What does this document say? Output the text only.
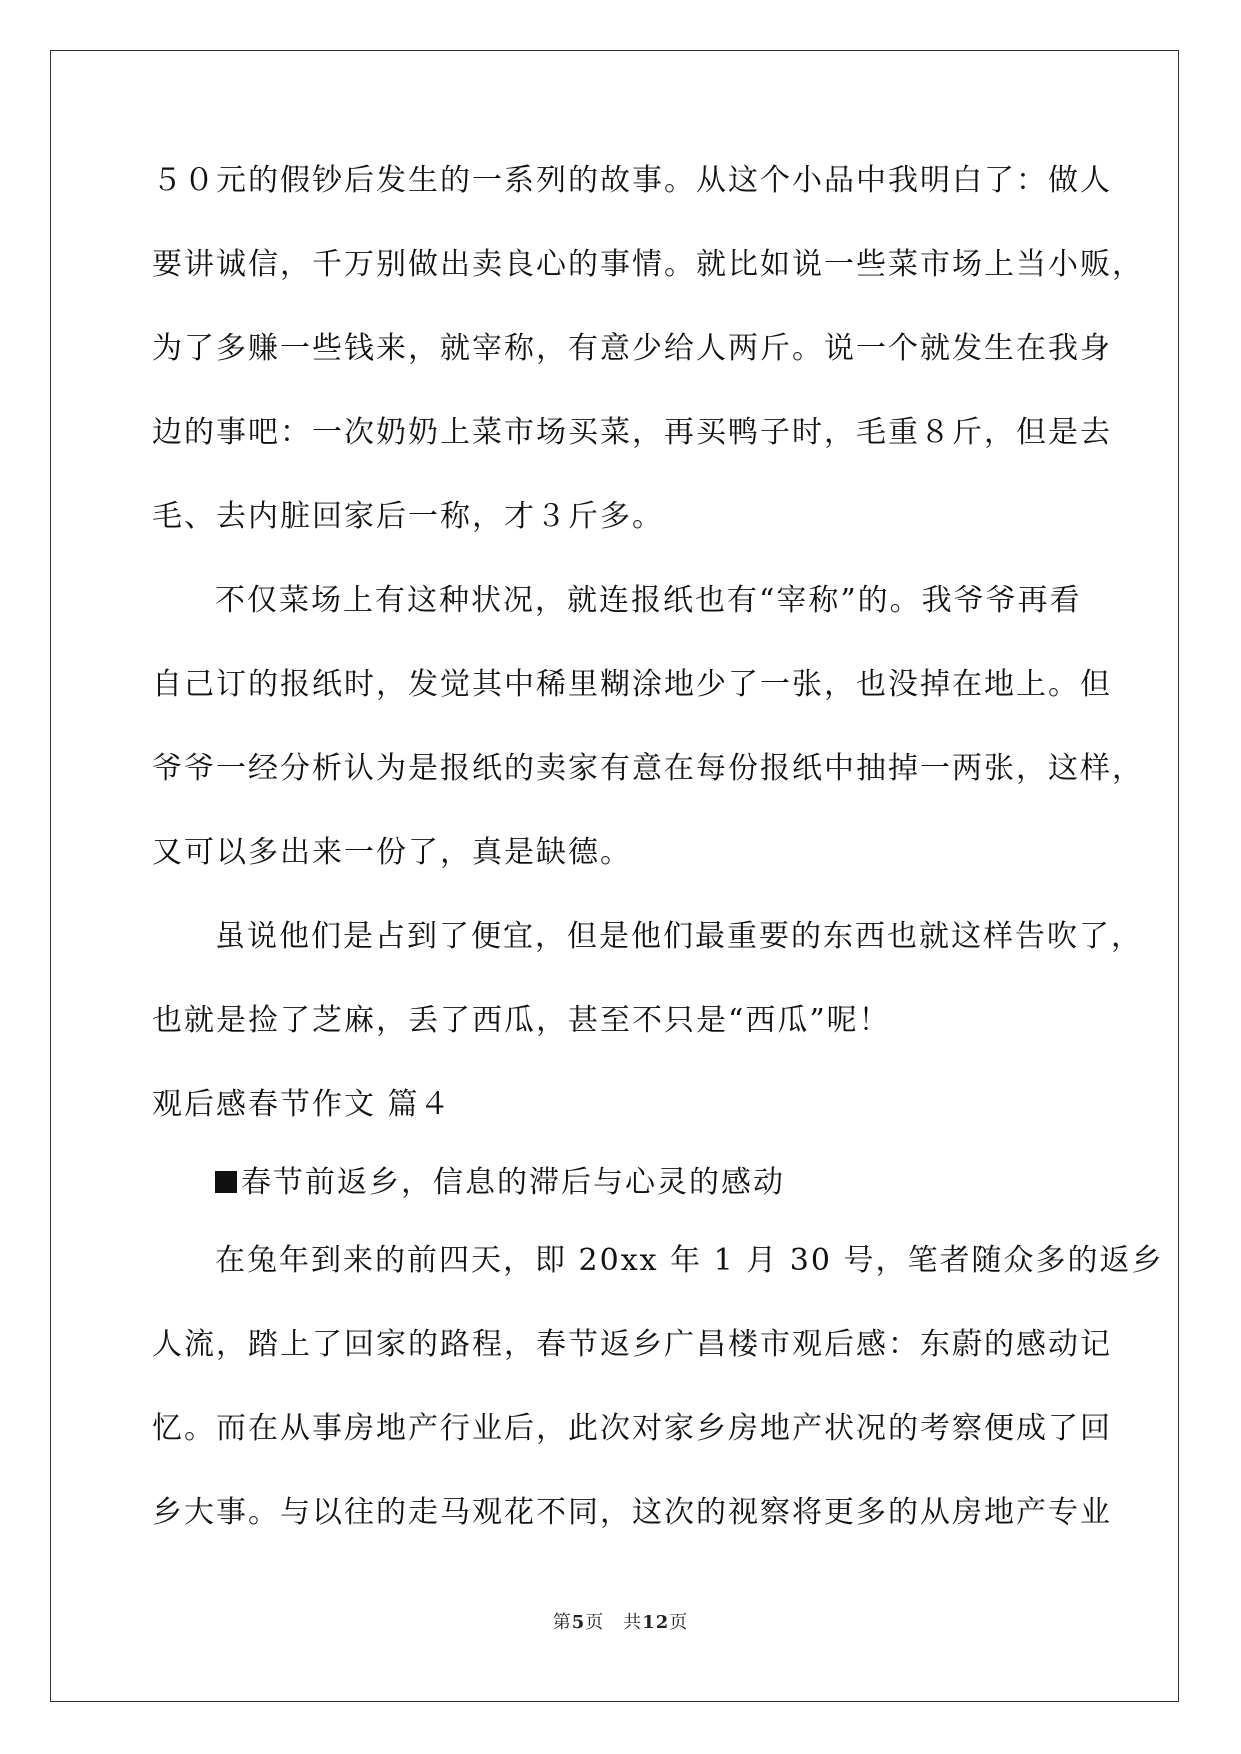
５０元的假钞后发生的一系列的故事。从这个小品中我明白了：做人
要讲诚信，千万别做出卖良心的事情。就比如说一些菜市场上当小贩，
为了多赚一些钱来，就宰称，有意少给人两斤。说一个就发生在我身
边的事吧：一次奶奶上菜市场买菜，再买鸭子时，毛重８斤，但是去
毛、去内脏回家后一称，才３斤多。
不仅菜场上有这种状况，就连报纸也有“宰称”的。我爷爷再看
自己订的报纸时，发觉其中稀里糊涂地少了一张，也没掉在地上。但
爷爷一经分析认为是报纸的卖家有意在每份报纸中抽掉一两张，这样，
又可以多出来一份了，真是缺德。
虽说他们是占到了便宜，但是他们最重要的东西也就这样告吹了，
也就是捡了芝麻，丢了西瓜，甚至不只是“西瓜”呢！
观后感春节作文 篇４
春节前返乡，信息的滞后与心灵的感动
在兔年到来的前四天，即 20xx 年 1 月 30 号，笔者随众多的返乡
人流，踏上了回家的路程，春节返乡广昌楼市观后感：东蔚的感动记
忆。而在从事房地产行业后，此次对家乡房地产状况的考察便成了回
乡大事。与以往的走马观花不同，这次的视察将更多的从房地产专业
第5页　共12页
